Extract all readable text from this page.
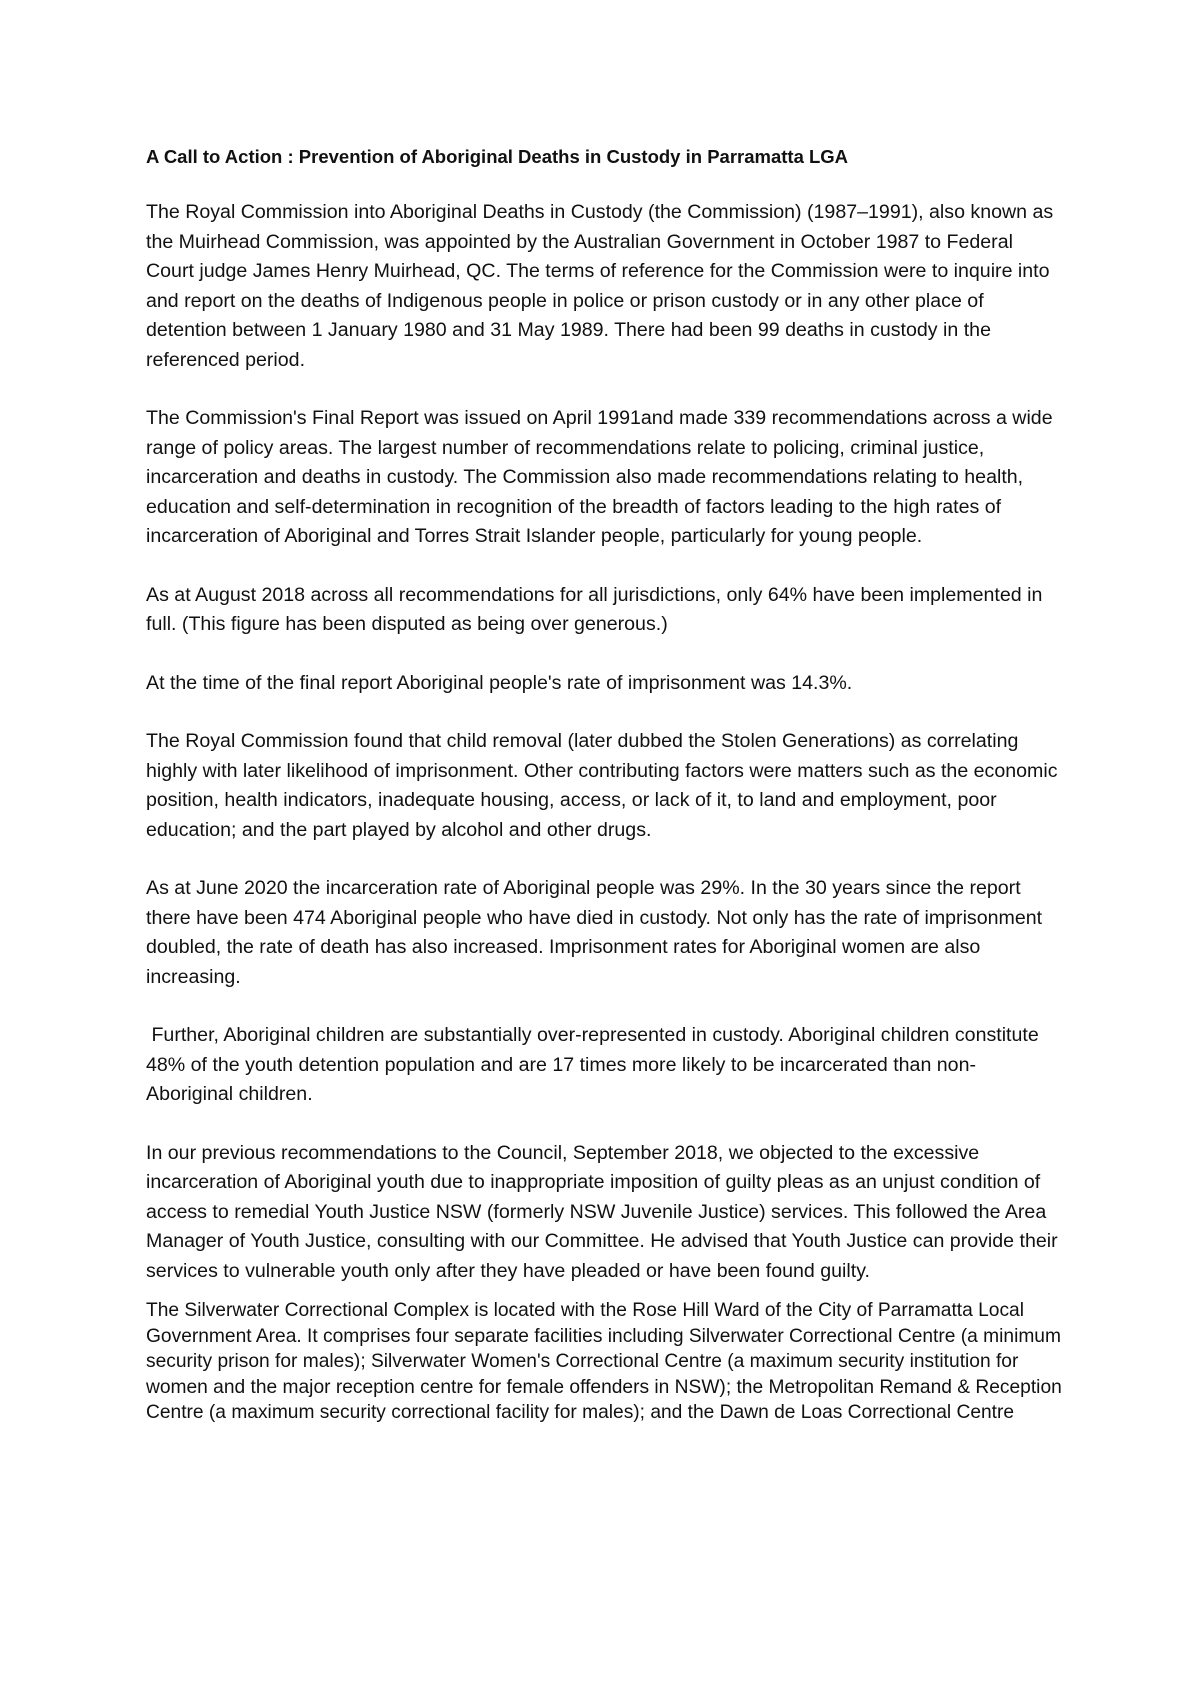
A Call to Action : Prevention of Aboriginal Deaths in Custody in Parramatta LGA

The Royal Commission into Aboriginal Deaths in Custody (the Commission) (1987–1991), also known as the Muirhead Commission, was appointed by the Australian Government in October 1987 to Federal Court judge James Henry Muirhead, QC. The terms of reference for the Commission were to inquire into and report on the deaths of Indigenous people in police or prison custody or in any other place of detention between 1 January 1980 and 31 May 1989. There had been 99 deaths in custody in the referenced period.

The Commission's Final Report was issued on April 1991and made 339 recommendations across a wide range of policy areas. The largest number of recommendations relate to policing, criminal justice, incarceration and deaths in custody. The Commission also made recommendations relating to health, education and self-determination in recognition of the breadth of factors leading to the high rates of incarceration of Aboriginal and Torres Strait Islander people, particularly for young people.

As at August 2018 across all recommendations for all jurisdictions, only 64% have been implemented in full. (This figure has been disputed as being over generous.)

At the time of the final report Aboriginal people's rate of imprisonment was 14.3%.

The Royal Commission found that child removal (later dubbed the Stolen Generations) as correlating highly with later likelihood of imprisonment. Other contributing factors were matters such as the economic position, health indicators, inadequate housing, access, or lack of it, to land and employment, poor education; and the part played by alcohol and other drugs.

As at June 2020 the incarceration rate of Aboriginal people was 29%. In the 30 years since the report there have been 474 Aboriginal people who have died in custody. Not only has the rate of imprisonment doubled, the rate of death has also increased. Imprisonment rates for Aboriginal women are also increasing.

Further, Aboriginal children are substantially over-represented in custody. Aboriginal children constitute 48% of the youth detention population and are 17 times more likely to be incarcerated than non- Aboriginal children.

In our previous recommendations to the Council, September 2018, we objected to the excessive incarceration of Aboriginal youth due to inappropriate imposition of guilty pleas as an unjust condition of access to remedial Youth Justice NSW (formerly NSW Juvenile Justice) services. This followed the Area Manager of Youth Justice, consulting with our Committee. He advised that Youth Justice can provide their services to vulnerable youth only after they have pleaded or have been found guilty.

The Silverwater Correctional Complex is located with the Rose Hill Ward of the City of Parramatta Local Government Area. It comprises four separate facilities including Silverwater Correctional Centre (a minimum security prison for males); Silverwater Women's Correctional Centre (a maximum security institution for women and the major reception centre for female offenders in NSW); the Metropolitan Remand & Reception Centre (a maximum security correctional facility for males); and the Dawn de Loas Correctional Centre
